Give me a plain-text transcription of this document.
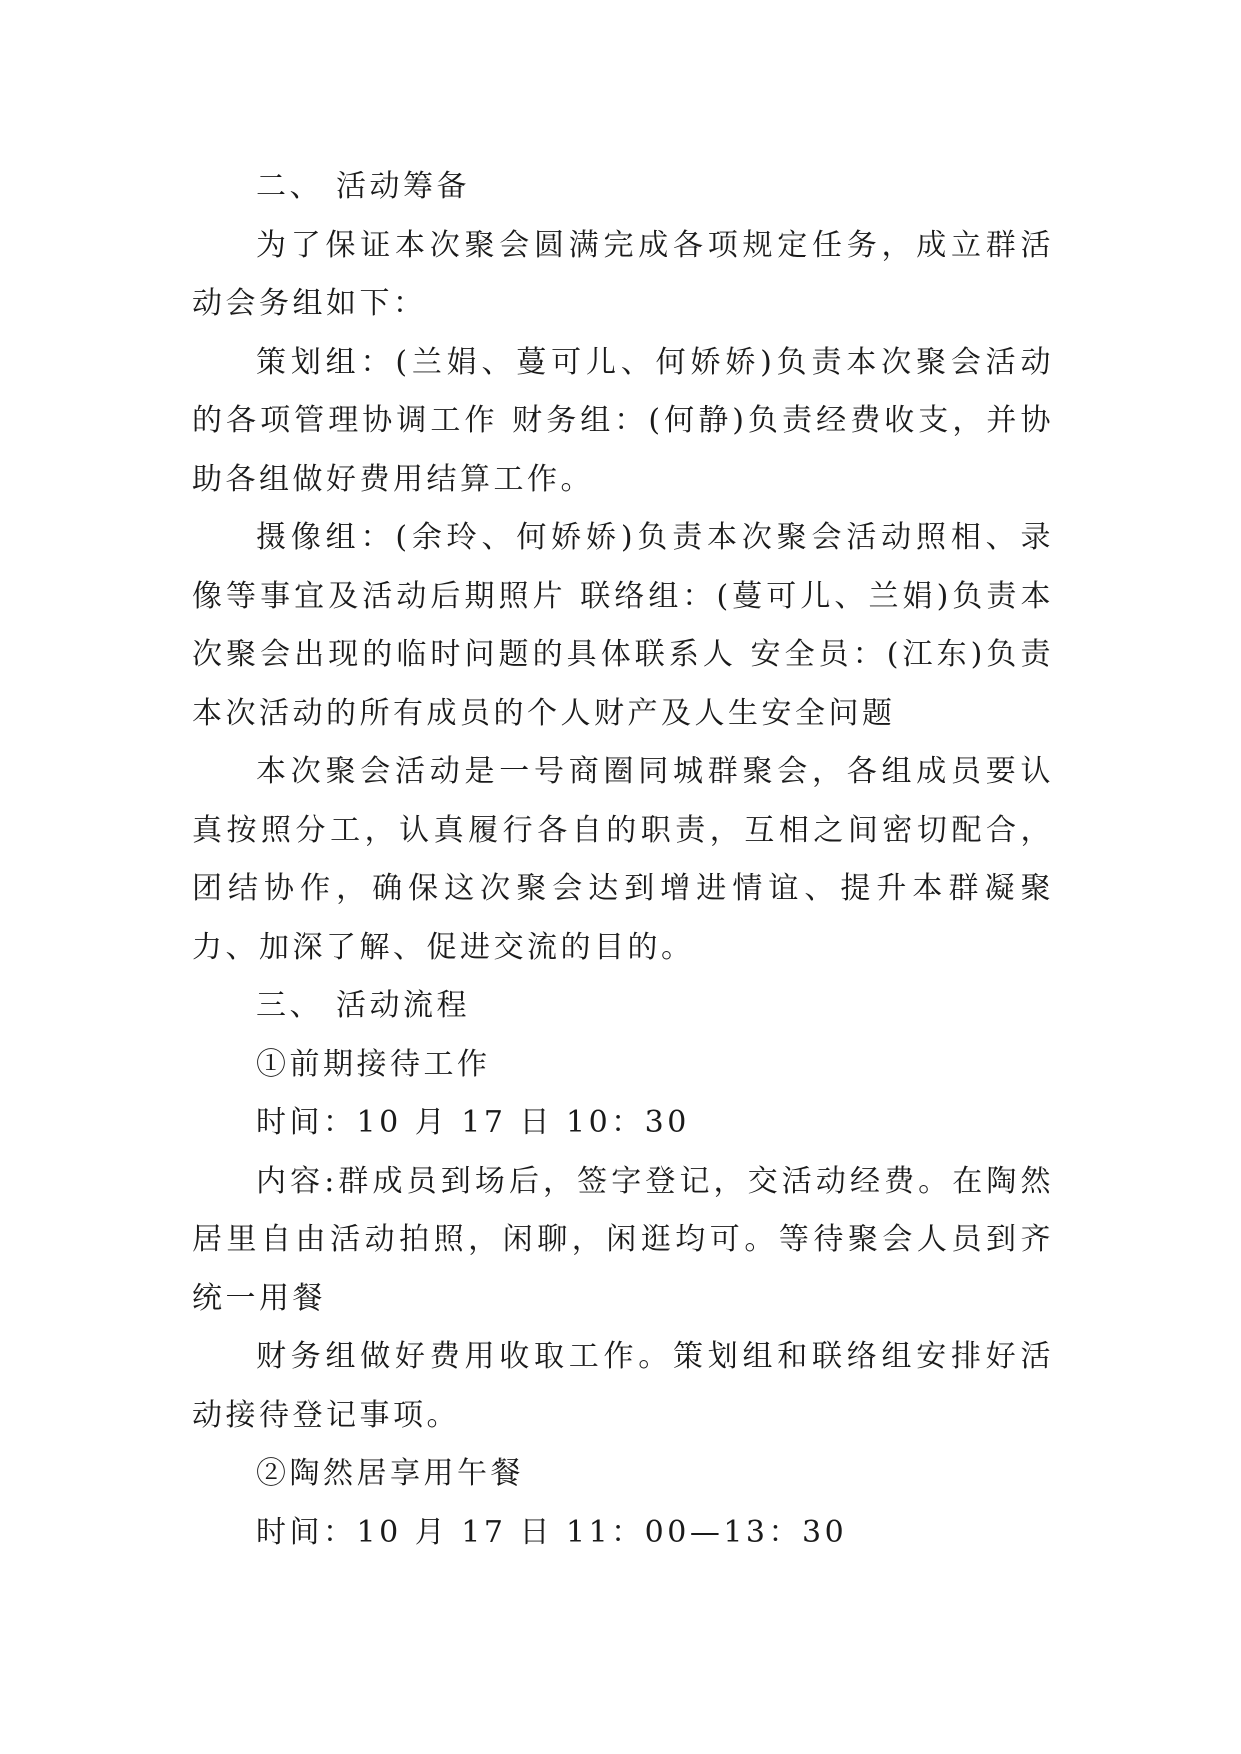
二、 活动筹备

为了保证本次聚会圆满完成各项规定任务，成立群活动会务组如下：

策划组：(兰娟、蔓可儿、何娇娇)负责本次聚会活动的各项管理协调工作 财务组：(何静)负责经费收支，并协助各组做好费用结算工作。

摄像组：(余玲、何娇娇)负责本次聚会活动照相、录像等事宜及活动后期照片 联络组：(蔓可儿、兰娟)负责本次聚会出现的临时问题的具体联系人 安全员：(江东)负责本次活动的所有成员的个人财产及人生安全问题

本次聚会活动是一号商圈同城群聚会，各组成员要认真按照分工，认真履行各自的职责，互相之间密切配合，团结协作，确保这次聚会达到增进情谊、提升本群凝聚力、加深了解、促进交流的目的。

三、 活动流程

①前期接待工作

时间：10 月 17 日 10：30

内容:群成员到场后，签字登记，交活动经费。在陶然居里自由活动拍照，闲聊，闲逛均可。等待聚会人员到齐统一用餐

财务组做好费用收取工作。策划组和联络组安排好活动接待登记事项。

②陶然居享用午餐

时间：10 月 17 日 11：00—13：30
